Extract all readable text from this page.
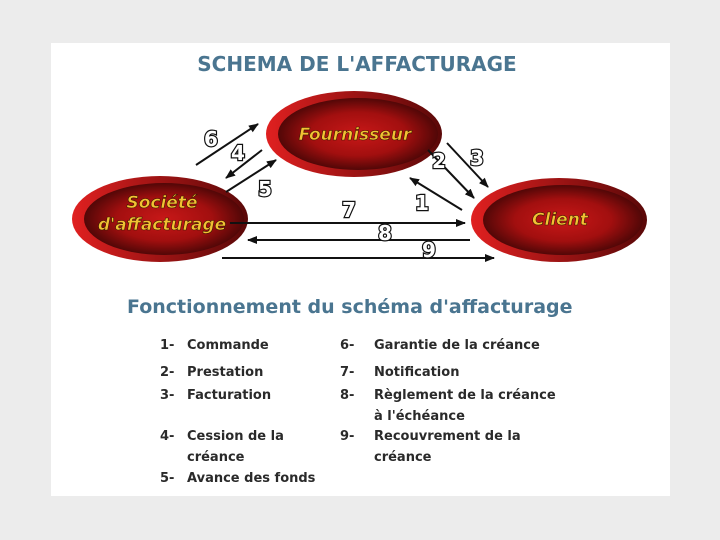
SCHEMA DE L'AFFACTURAGE
Fournisseur
Société
d'affacturage	Client
1
2 3
4
5
6
7
8
9
Fonctionnement du schéma d'affacturage
1- Commande
2- Prestation
3- Facturation
4- Cession de la
créance
5- Avance des fonds
6- Garantie de la créance
7- Notification
8- Règlement de la créance
à l'échéance
9- Recouvrement de la
créance
